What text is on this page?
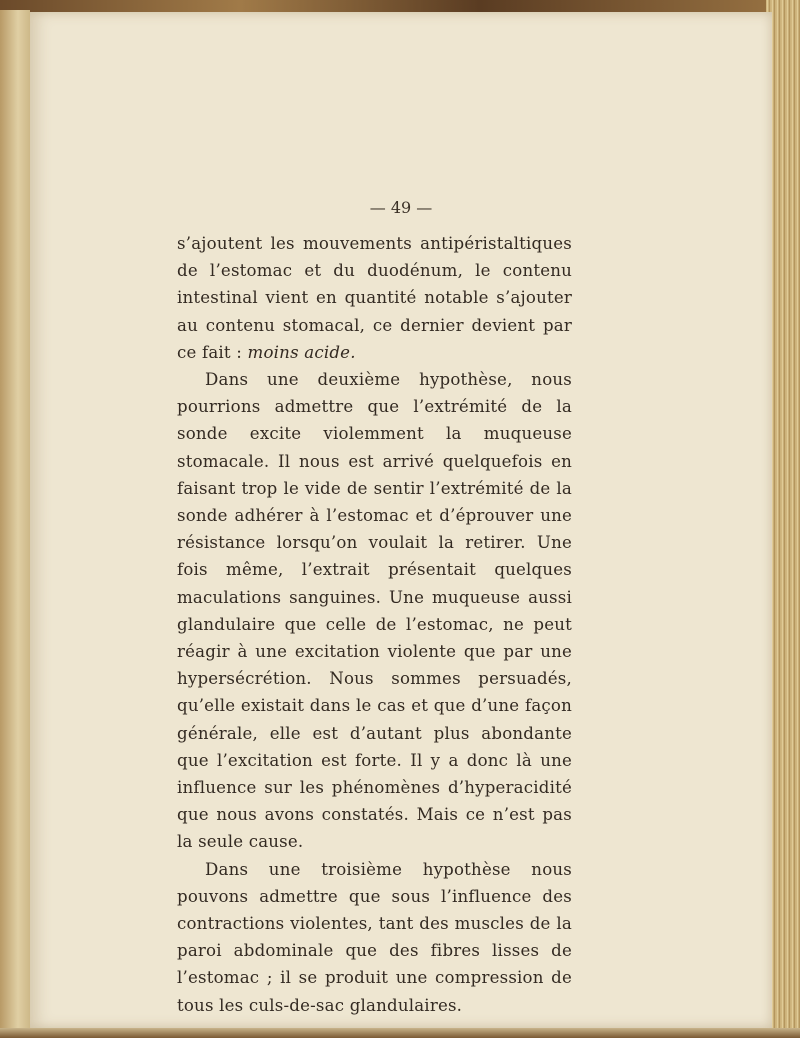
— 49 —

s’ajoutent les mouvements antipéristaltiques de l’estomac et du duodénum, le contenu intestinal vient en quantité notable s’ajouter au contenu stomacal, ce dernier devient par ce fait : moins acide.

Dans une deuxième hypothèse, nous pourrions admettre que l’extrémité de la sonde excite violemment la muqueuse stomacale. Il nous est arrivé quelquefois en faisant trop le vide de sentir l’extrémité de la sonde adhérer à l’estomac et d’éprouver une résistance lorsqu’on voulait la retirer. Une fois même, l’extrait présentait quelques maculations sanguines. Une muqueuse aussi glandulaire que celle de l’estomac, ne peut réagir à une excitation violente que par une hypersécrétion. Nous sommes persuadés, qu’elle existait dans le cas et que d’une façon générale, elle est d’autant plus abondante que l’excitation est forte. Il y a donc là une influence sur les phénomènes d’hyperacidité que nous avons constatés. Mais ce n’est pas la seule cause.

Dans une troisième hypothèse nous pouvons admettre que sous l’influence des contractions violentes, tant des muscles de la paroi abdominale que des fibres lisses de l’estomac ; il se produit une compression de tous les culs-de-sac glandulaires.
